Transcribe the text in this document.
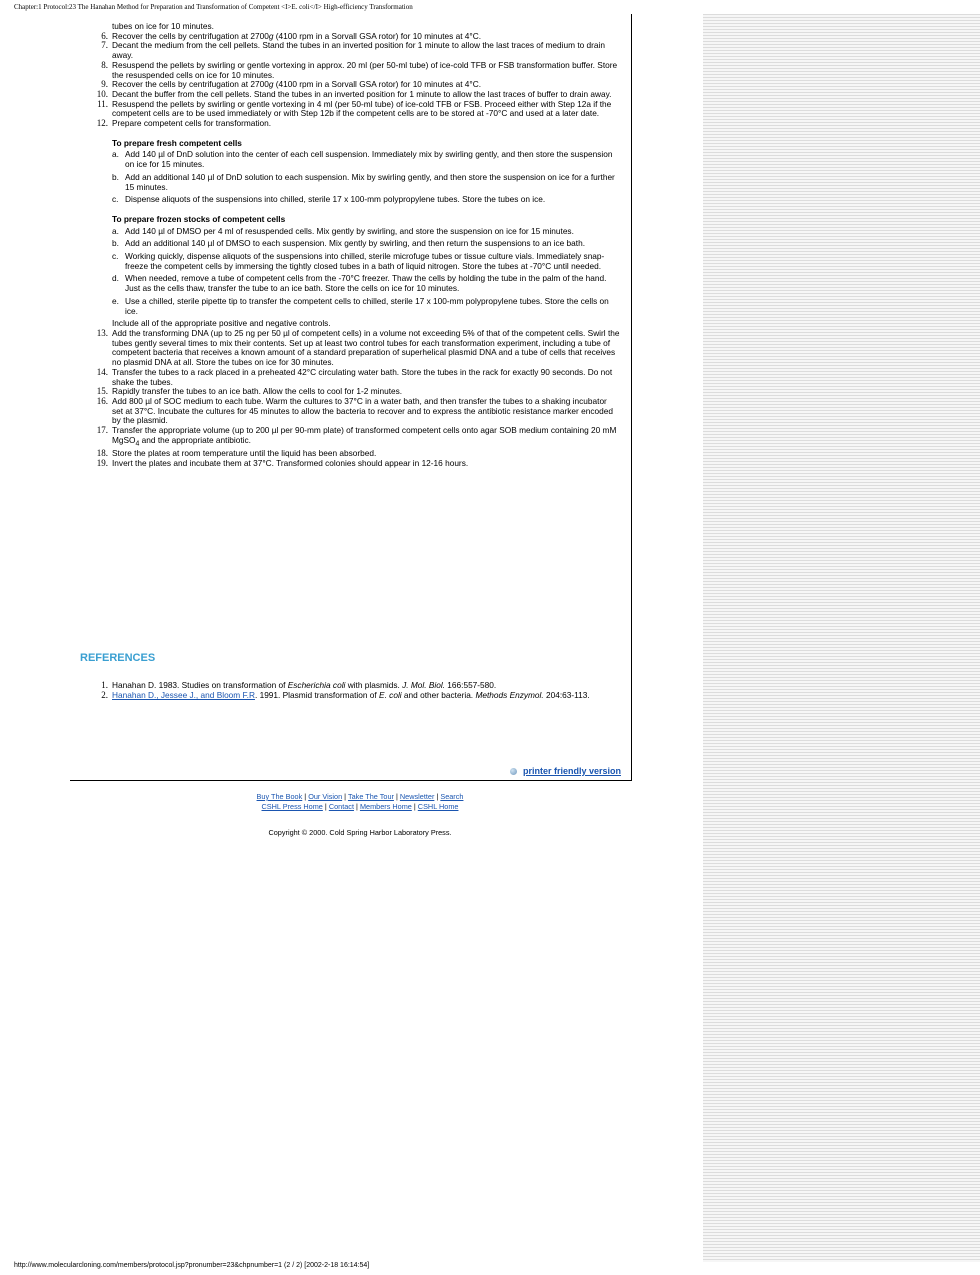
Chapter:1 Protocol:23 The Hanahan Method for Preparation and Transformation of Competent <I>E. coli</I> High-efficiency Transformation
tubes on ice for 10 minutes.
6. Recover the cells by centrifugation at 2700g (4100 rpm in a Sorvall GSA rotor) for 10 minutes at 4°C.
7. Decant the medium from the cell pellets. Stand the tubes in an inverted position for 1 minute to allow the last traces of medium to drain away.
8. Resuspend the pellets by swirling or gentle vortexing in approx. 20 ml (per 50-ml tube) of ice-cold TFB or FSB transformation buffer. Store the resuspended cells on ice for 10 minutes.
9. Recover the cells by centrifugation at 2700g (4100 rpm in a Sorvall GSA rotor) for 10 minutes at 4°C.
10. Decant the buffer from the cell pellets. Stand the tubes in an inverted position for 1 minute to allow the last traces of buffer to drain away.
11. Resuspend the pellets by swirling or gentle vortexing in 4 ml (per 50-ml tube) of ice-cold TFB or FSB. Proceed either with Step 12a if the competent cells are to be used immediately or with Step 12b if the competent cells are to be stored at -70°C and used at a later date.
12. Prepare competent cells for transformation.
To prepare fresh competent cells
a. Add 140 µl of DnD solution into the center of each cell suspension. Immediately mix by swirling gently, and then store the suspension on ice for 15 minutes.
b. Add an additional 140 µl of DnD solution to each suspension. Mix by swirling gently, and then store the suspension on ice for a further 15 minutes.
c. Dispense aliquots of the suspensions into chilled, sterile 17 x 100-mm polypropylene tubes. Store the tubes on ice.
To prepare frozen stocks of competent cells
a. Add 140 µl of DMSO per 4 ml of resuspended cells. Mix gently by swirling, and store the suspension on ice for 15 minutes.
b. Add an additional 140 µl of DMSO to each suspension. Mix gently by swirling, and then return the suspensions to an ice bath.
c. Working quickly, dispense aliquots of the suspensions into chilled, sterile microfuge tubes or tissue culture vials. Immediately snap-freeze the competent cells by immersing the tightly closed tubes in a bath of liquid nitrogen. Store the tubes at -70°C until needed.
d. When needed, remove a tube of competent cells from the -70°C freezer. Thaw the cells by holding the tube in the palm of the hand. Just as the cells thaw, transfer the tube to an ice bath. Store the cells on ice for 10 minutes.
e. Use a chilled, sterile pipette tip to transfer the competent cells to chilled, sterile 17 x 100-mm polypropylene tubes. Store the cells on ice.
Include all of the appropriate positive and negative controls.
13. Add the transforming DNA (up to 25 ng per 50 µl of competent cells) in a volume not exceeding 5% of that of the competent cells. Swirl the tubes gently several times to mix their contents. Set up at least two control tubes for each transformation experiment, including a tube of competent bacteria that receives a known amount of a standard preparation of superhelical plasmid DNA and a tube of cells that receives no plasmid DNA at all. Store the tubes on ice for 30 minutes.
14. Transfer the tubes to a rack placed in a preheated 42°C circulating water bath. Store the tubes in the rack for exactly 90 seconds. Do not shake the tubes.
15. Rapidly transfer the tubes to an ice bath. Allow the cells to cool for 1-2 minutes.
16. Add 800 µl of SOC medium to each tube. Warm the cultures to 37°C in a water bath, and then transfer the tubes to a shaking incubator set at 37°C. Incubate the cultures for 45 minutes to allow the bacteria to recover and to express the antibiotic resistance marker encoded by the plasmid.
17. Transfer the appropriate volume (up to 200 µl per 90-mm plate) of transformed competent cells onto agar SOB medium containing 20 mM MgSO$_4$ and the appropriate antibiotic.
18. Store the plates at room temperature until the liquid has been absorbed.
19. Invert the plates and incubate them at 37°C. Transformed colonies should appear in 12-16 hours.
REFERENCES
1. Hanahan D. 1983. Studies on transformation of Escherichia coli with plasmids. J. Mol. Biol. 166:557-580.
2. Hanahan D., Jessee J., and Bloom F.R. 1991. Plasmid transformation of E. coli and other bacteria. Methods Enzymol. 204:63-113.
printer friendly version
Buy The Book | Our Vision | Take The Tour | Newsletter | Search
CSHL Press Home | Contact | Members Home | CSHL Home
Copyright © 2000. Cold Spring Harbor Laboratory Press.
http://www.molecularcloning.com/members/protocol.jsp?pronumber=23&chpnumber=1 (2 / 2) [2002-2-18 16:14:54]
